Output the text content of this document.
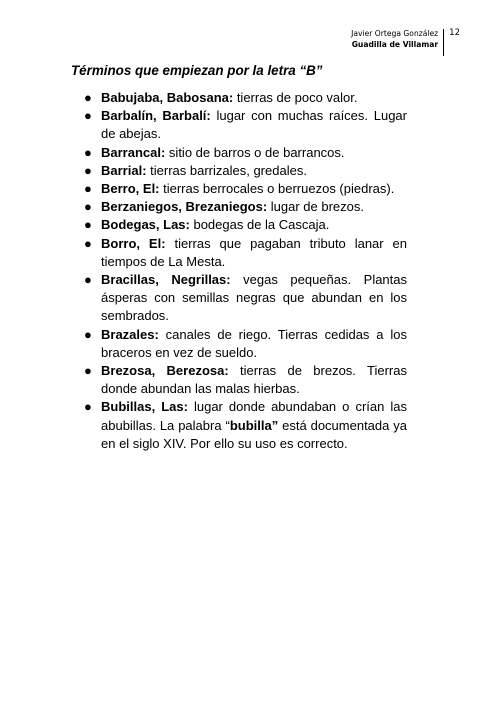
Javier Ortega González
Guadilla de Villamar
12
Términos que empiezan por la letra “B”
● Babujaba, Babosana: tierras de poco valor.
● Barbalín, Barbalí: lugar con muchas raíces. Lugar de abejas.
● Barrancal: sitio de barros o de barrancos.
● Barrial: tierras barrizales, gredales.
● Berro, El: tierras berrocales o berruezos (piedras).
● Berzaniegos, Brezaniegos: lugar de brezos.
● Bodegas, Las: bodegas de la Cascaja.
● Borro, El: tierras que pagaban tributo lanar en tiempos de La Mesta.
● Bracillas, Negrillas: vegas pequeñas. Plantas ásperas con semillas negras que abundan en los sembrados.
● Brazales: canales de riego. Tierras cedidas a los braceros en vez de sueldo.
● Brezosa, Berezosa: tierras de brezos. Tierras donde abundan las malas hierbas.
● Bubillas, Las: lugar donde abundaban o crían las abubillas. La palabra “bubilla” está documentada ya en el siglo XIV. Por ello su uso es correcto.
